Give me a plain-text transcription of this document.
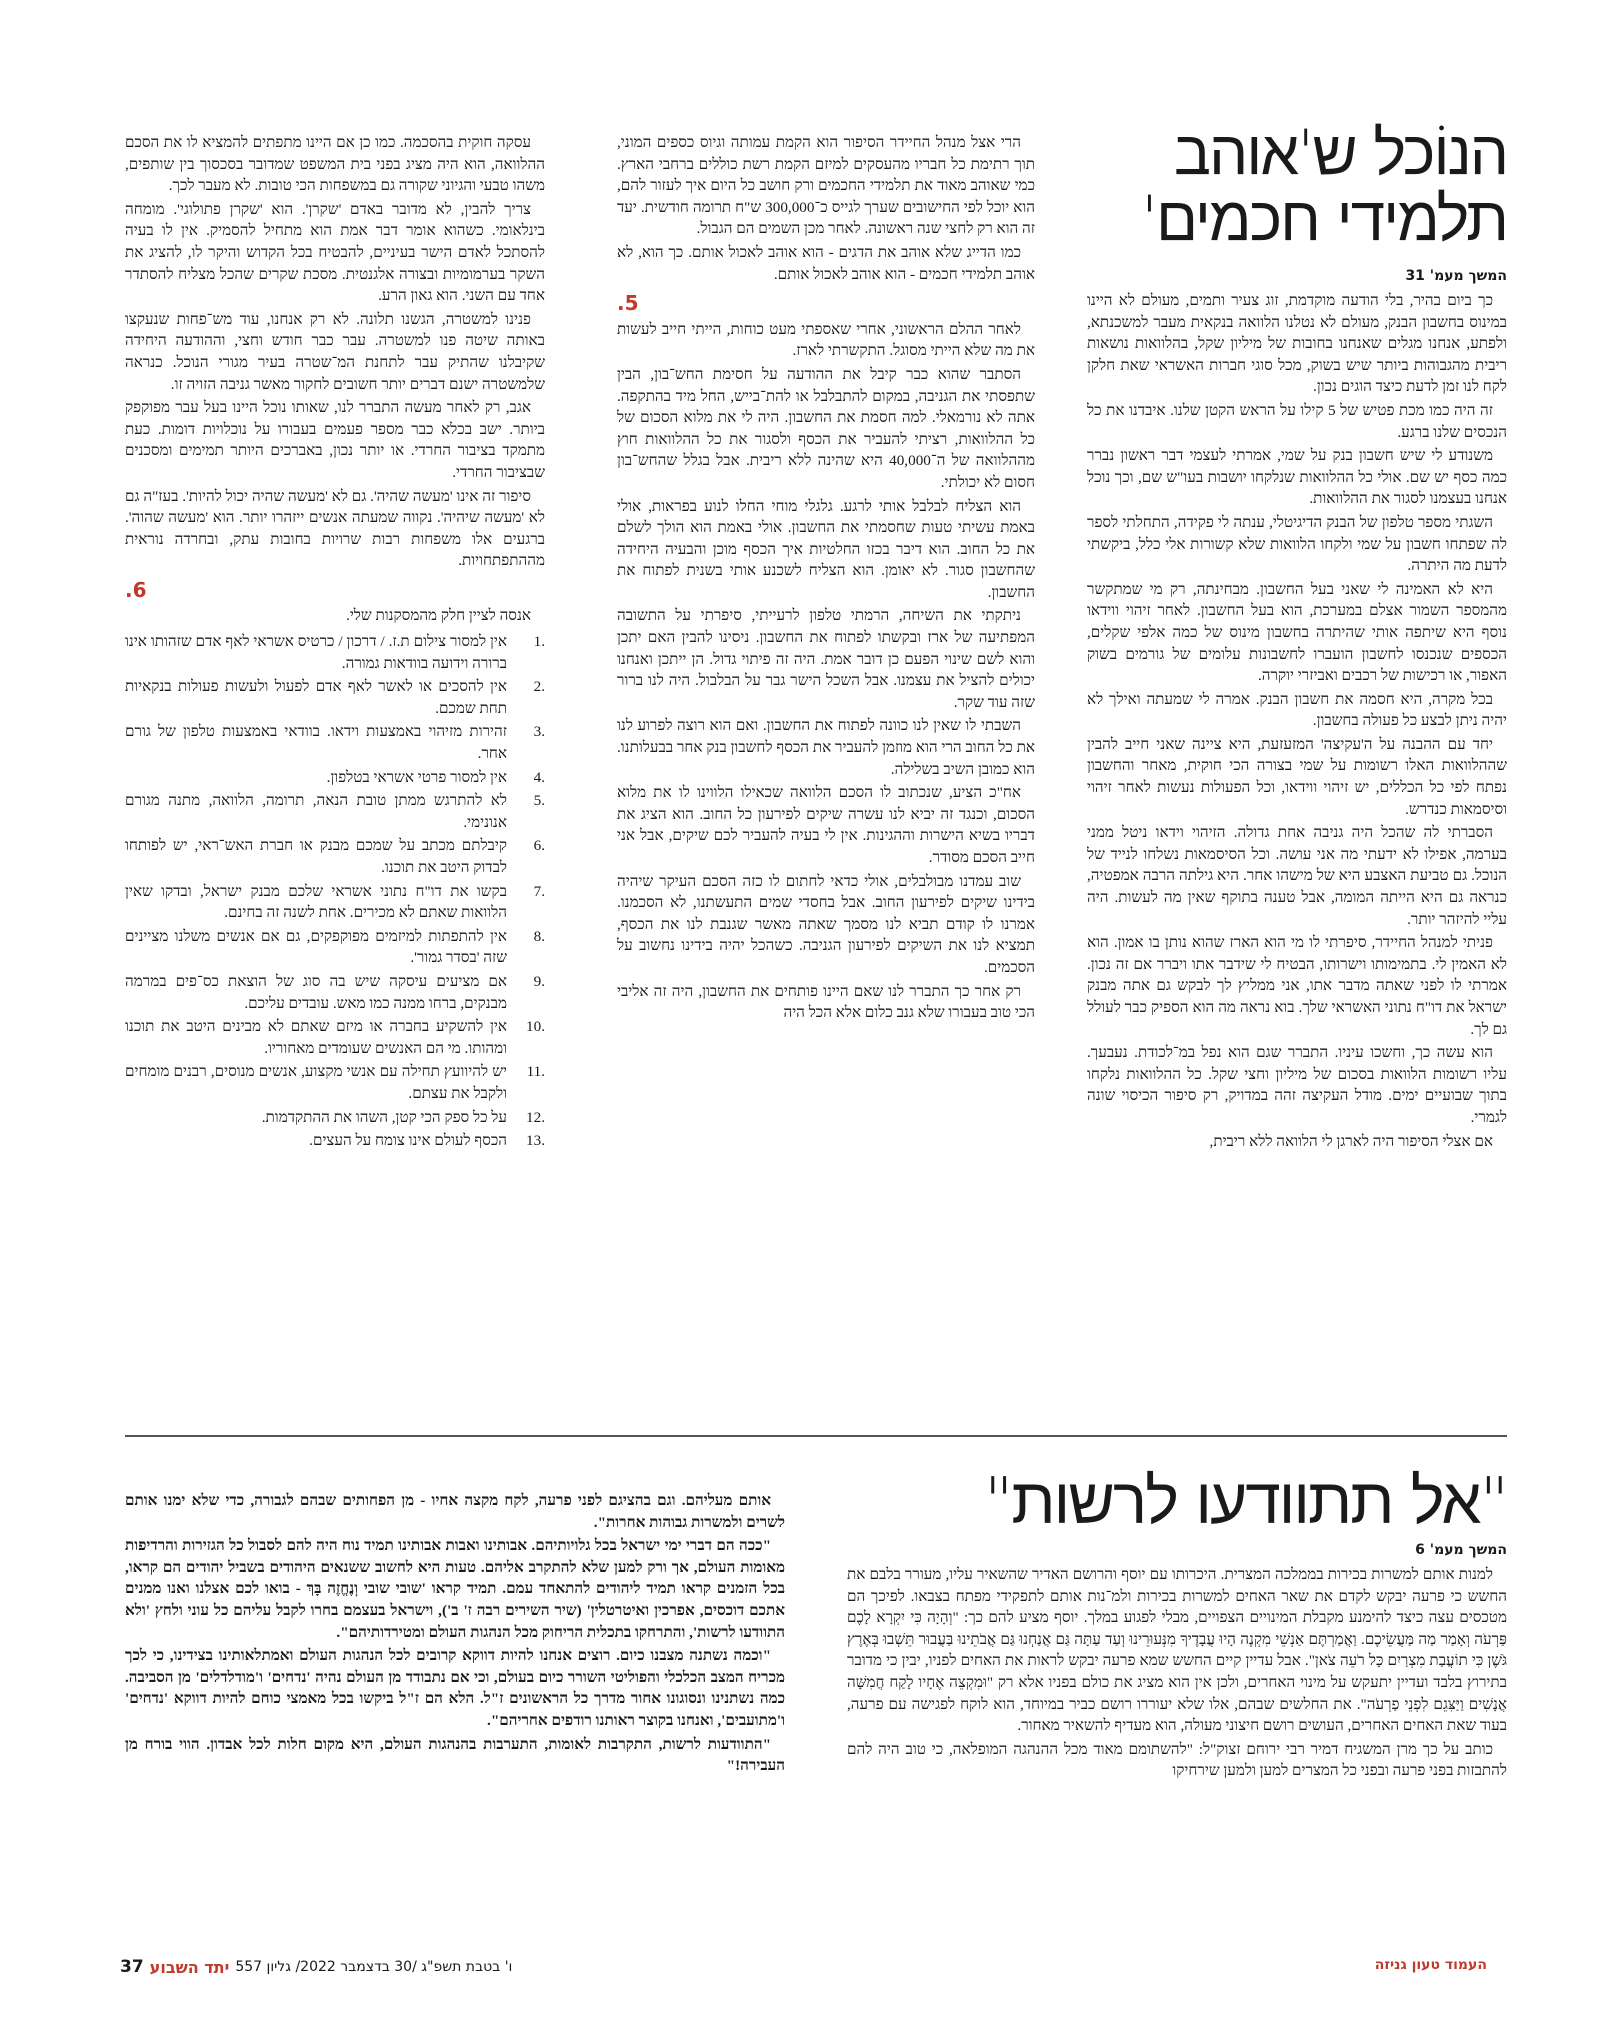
הנוֹכל ש'אוהב
תלמידי חכמים'
המשך מעמ' 31

כך ביום בהיר, בלי הודעה מוקדמת, זוג צעיר ותמים, מעולם לא היינו במינוס בחשבון הבנק, מעולם לא נטלנו הלוואה בנקאית מעבר למשכנתא, ולפתע, אנחנו מגלים שאנחנו בחובות של מיליון שקל, בהלוואות נושאות ריבית מהגבוהות ביותר שיש בשוק, מכל סוגי חברות האשראי שאת חלקן לקח לנו זמן לדעת כיצד הוגים נכון.

זה היה כמו מכת פטיש של 5 קילו על הראש הקטן שלנו. איבדנו את כל הנכסים שלנו ברגע.

משנודע לי שיש חשבון בנק על שמי, אמרתי לעצמי דבר ראשון נברר כמה כסף יש שם. אולי כל ההלוואות שנלקחו יושבות בעו"ש שם, וכך נוכל אנחנו בעצמנו לסגור את ההלוואות.

השגתי מספר טלפון של הבנק הדיגיטלי, ענתה לי פקידה, התחלתי לספר לה שפתחו חשבון על שמי ולקחו הלוואות שלא קשורות אלי כלל, ביקשתי לדעת מה היתרה.

היא לא האמינה לי שאני בעל החשבון. מבחינתה, רק מי שמתקשר מהמספר השמור אצלם במערכת, הוא בעל החשבון. לאחר זיהוי ווידאו נוסף היא שיתפה אותי שהיתרה בחשבון מינוס של כמה אלפי שקלים, הכספים שנכנסו לחשבון הועברו לחשבונות עלומים של גורמים בשוק האפור, או רכישות של רכבים ואביזרי יוקרה.

בכל מקרה, היא חסמה את חשבון הבנק. אמרה לי שמעתה ואילך לא יהיה ניתן לבצע כל פעולה בחשבון.

יחד עם ההבנה על ה'עקיצה' המזעזעת, היא ציינה שאני חייב להבין שההלוואות האלו רשומות על שמי בצורה הכי חוקית, מאחר והחשבון נפתח לפי כל הכללים, יש זיהוי ווידאו, וכל הפעולות נעשות לאחר זיהוי וסיסמאות כנדרש.

הסברתי לה שהכל היה גניבה אחת גדולה. הזיהוי וידאו ניטל ממני בערמה, אפילו לא ידעתי מה אני עושה. וכל הסיסמאות נשלחו לנייד של הנוכל. גם טביעת האצבע היא של מישהו אחר. היא גילתה הרבה אמפטיה, כנראה גם היא הייתה המומה, אבל טענה בתוקף שאין מה לעשות. היה עליי להיזהר יותר.

פניתי למנהל החיידר, סיפרתי לו מי הוא הארז שהוא נותן בו אמון. הוא לא האמין לי. בתמימותו וישרותו, הבטיח לי שידבר אתו ויברר אם זה נכון. אמרתי לו לפני שאתה מדבר אתו, אני ממליץ לך לבקש גם אתה מבנק ישראל את דו"ח נתוני האשראי שלך. בוא נראה מה הוא הספיק כבר לעולל גם לך.

הוא עשה כך, וחשכו עיניו. התברר שגם הוא נפל במ־לכודת. נעבעך. עליו רשומות הלוואות בסכום של מיליון וחצי שקל. כל ההלוואות נלקחו בתוך שבועיים ימים. מודל העקיצה זהה במדויק, רק סיפור הכיסוי שונה לגמרי.

אם אצלי הסיפור היה לארגן לי הלוואה ללא ריבית,

הרי אצל מנהל החיידר הסיפור הוא הקמת עמותה וגיוס כספים המוני, תוך רתימת כל חבריו מהעסקים למיזם הקמת רשת כוללים ברחבי הארץ. כמי שאוהב מאוד את תלמידי החכמים ורק חושב כל היום איך לעזור להם, הוא יוכל לפי החישובים שערך לגייס כ־300,000 ש"ח תרומה חודשית. יעד זה הוא רק לחצי שנה ראשונה. לאחר מכן השמים הם הגבול.

כמו הדייג שלא אוהב את הדגים - הוא אוהב לאכול אותם. כך הוא, לא אוהב תלמידי חכמים - הוא אוהב לאכול אותם.

5.

לאחר ההלם הראשוני, אחרי שאספתי מעט כוחות, הייתי חייב לעשות את מה שלא הייתי מסוגל. התקשרתי לארז.

הסתבר שהוא כבר קיבל את ההודעה על חסימת החש־בון, הבין שתפסתי את הגניבה, במקום להתבלבל או להת־בייש, החל מיד בהתקפה. אתה לא נורמאלי. למה חסמת את החשבון. היה לי את מלוא הסכום של כל ההלוואות, רציתי להעביר את הכסף ולסגור את כל ההלוואות חוץ מההלוואה של ה־40,000 היא שהינה ללא ריבית. אבל בגלל שהחש־בון חסום לא יכולתי.

הוא הצליח לבלבל אותי לרגע. גלגלי מוחי החלו לנוע בפראות, אולי באמת עשיתי טעות שחסמתי את החשבון. אולי באמת הוא הולך לשלם את כל החוב. הוא דיבר בכזו החלטיות איך הכסף מוכן והבעיה היחידה שהחשבון סגור. לא יאומן. הוא הצליח לשכנע אותי בשנית לפתוח את החשבון.

ניתקתי את השיחה, הרמתי טלפון לרעייתי, סיפרתי על התשובה המפתיעה של ארז ובקשתו לפתוח את החשבון. ניסינו להבין האם יתכן והוא לשם שינוי הפעם כן דובר אמת. היה זה פיתוי גדול. הן ייתכן ואנחנו יכולים להציל את עצמנו. אבל השכל הישר גבר על הבלבול. היה לנו ברור שזה עוד שקר.

השבתי לו שאין לנו כוונה לפתוח את החשבון. ואם הוא רוצה לפרוע לנו את כל החוב הרי הוא מוזמן להעביר את הכסף לחשבון בנק אחר בבעלותנו. הוא כמובן השיב בשלילה.

אח"כ הציע, שנכתוב לו הסכם הלוואה שכאילו הלווינו לו את מלוא הסכום, וכנגד זה יביא לנו עשרה שיקים לפירעון כל החוב. הוא הציג את דבריו בשיא הישרות וההגינות. אין לי בעיה להעביר לכם שיקים, אבל אני חייב הסכם מסודר.

שוב עמדנו מבולבלים, אולי כדאי לחתום לו כזה הסכם העיקר שיהיה בידינו שיקים לפירעון החוב. אבל בחסדי שמים התעשתנו, לא הסכמנו. אמרנו לו קודם תביא לנו מסמך שאתה מאשר שגנבת לנו את הכסף, תמציא לנו את השיקים לפירעון הגניבה. כשהכל יהיה בידינו נחשוב על הסכמים.

רק אחר כך התברר לנו שאם היינו פותחים את החשבון, היה זה אליבי הכי טוב בעבורו שלא גנב כלום אלא הכל היה

עסקה חוקית בהסכמה. כמו כן אם היינו מתפתים להמציא לו את הסכם ההלוואה, הוא היה מציג בפני בית המשפט שמדובר בסכסוך בין שותפים, משהו טבעי והגיוני שקורה גם במשפחות הכי טובות. לא מעבר לכך.

צריך להבין, לא מדובר באדם 'שקרן'. הוא 'שקרן פתולוגי'. מומחה בינלאומי. כשהוא אומר דבר אמת הוא מתחיל להסמיק. אין לו בעיה להסתכל לאדם הישר בעיניים, להבטיח בכל הקדוש והיקר לו, להציג את השקר בערמומיות ובצורה אלגנטית. מסכת שקרים שהכל מצליח להסתדר אחד עם השני. הוא גאון הרע.

פנינו למשטרה, הגשנו תלונה. לא רק אנחנו, עוד מש־פחות שנעקצו באותה שיטה פנו למשטרה. עבר כבר חודש וחצי, וההודעה היחידה שקיבלנו שהתיק עבר לתחנת המ־שטרה בעיר מגורי הנוכל. כנראה שלמשטרה ישנם דברים יותר חשובים לחקור מאשר גניבה הזויה זו.

אגב, רק לאחר מעשה התברר לנו, שאותו נוכל היינו בעל עבר מפוקפק ביותר. ישב בכלא כבר מספר פעמים בעבורו על נוכלויות דומות. כעת מתמקד בציבור החרדי. או יותר נכון, באברכים היותר תמימים ומסכנים שבציבור החרדי.

סיפור זה אינו 'מעשה שהיה'. גם לא 'מעשה שהיה יכול להיות'. בעז"ה גם לא 'מעשה שיהיה'. נקווה שמעתה אנשים ייזהרו יותר. הוא 'מעשה שהוה'. ברגעים אלו משפחות רבות שרויות בחובות עתק, ובחרדה נוראית מההתפתחויות.

6.

אנסה לציין חלק מהמסקנות שלי.

.1
אין למסור צילום ת.ז. / דרכון / כרטיס אשראי לאף אדם שזהותו אינו ברורה וידועה בוודאות גמורה.
.2
אין להסכים או לאשר לאף אדם לפעול ולעשות פעולות בנקאיות תחת שמכם.
.3
זהירות מזיהוי באמצעות וידאו. בוודאי באמצעות טלפון של גורם אחר.
.4
אין למסור פרטי אשראי בטלפון.
.5
לא להתרגש ממתן טובת הנאה, תרומה, הלוואה, מתנה מגורם אנונימי.
.6
קיבלתם מכתב על שמכם מבנק או חברת האש־ראי, יש לפותחו לבדוק היטב את תוכנו.
.7
בקשו את דו"ח נתוני אשראי שלכם מבנק ישראל, ובדקו שאין הלוואות שאתם לא מכירים. אחת לשנה זה בחינם.
.8
אין להתפתות למיזמים מפוקפקים, גם אם אנשים משלנו מציינים שזה 'בסדר גמור'.
.9
אם מציעים עיסקה שיש בה סוג של הוצאת כס־פים במרמה מבנקים, ברחו ממנה כמו מאש. עובדים עליכם.
.10
אין להשקיע בחברה או מיזם שאתם לא מבינים היטב את תוכנו ומהותו. מי הם האנשים שעומדים מאחוריו.
.11
יש להיוועץ תחילה עם אנשי מקצוע, אנשים מנוסים, רבנים מומחים ולקבל את עצתם.
.12
על כל ספק הכי קטן, השהו את ההתקדמות.
.13
הכסף לעולם אינו צומח על העצים.
"אל תתוודעו לרשות"
המשך מעמ' 6

למנות אותם למשרות בכירות בממלכה המצרית. היכרותו עם יוסף והרושם האדיר שהשאיר עליו, מעורר בלבם את החשש כי פרעה יבקש לקדם את שאר האחים למשרות בכירות ולמ־נות אותם לתפקידי מפתח בצבאו. לפיכך הם מטכסים עצה כיצד להימנע מקבלת המינויים הצפויים, מבלי לפגוע במלך. יוסף מציע להם כך: "וְהָיָה כִּי יִקְרָא לָכֶם פַּרְעֹה וְאָמַר מַה מַּעֲשֵׂיכֶם. וַאֲמַרְתֶּם אַנְשֵׁי מִקְנֶה הָיוּ עֲבָדֶיךָ מִנְּעוּרֵינוּ וְעַד עַתָּה גַּם אֲנַחְנוּ גַּם אֲבֹתֵינוּ בַּעֲבוּר תֵּשְׁבוּ בְּאֶרֶץ גֹּשֶׁן כִּי תוֹעֲבַת מִצְרַיִם כָּל רֹעֵה צֹאן". אבל עדיין קיים החשש שמא פרעה יבקש לראות את האחים לפניו, יבין כי מדובר בתירוץ בלבד ועדיין יתעקש על מינוי האחרים, ולכן אין הוא מציג את כולם בפניו אלא רק "וּמִקְצֵה אֶחָיו לָקַח חֲמִשָּׁה אֲנָשִׁים וַיַּצִּגֵם לִפְנֵי פַרְעֹה". את החלשים שבהם, אלו שלא יעוררו רושם כביר במיוחד, הוא לוקח לפגישה עם פרעה, בעוד שאת האחים האחרים, העושים רושם חיצוני מעולה, הוא מעדיף להשאיר מאחור.

כותב על כך מרן המשגיח דמיר רבי ירוחם זצוק"ל: "להשתומם מאוד מכל ההנהגה המופלאה, כי טוב היה להם להתבזות בפני פרעה ובפני כל המצרים למען ולמען שירחיקו

אותם מעליהם. וגם בהציגם לפני פרעה, לקח מקצה אחיו - מן הפחותים שבהם לגבורה, כדי שלא ימנו אותם לשרים ולמשרות גבוהות אחרות".

"ככה הם דברי ימי ישראל בכל גלויותיהם. אבותינו ואבות אבותינו תמיד נוח היה להם לסבול כל הגזירות והרדיפות מאומות העולם, אך ורק למען שלא להתקרב אליהם. טעות היא לחשוב ששנאים היהודים בשביל יהודים הם קראו, בכל הזמנים קראו תמיד ליהודים להתאחד עמם. תמיד קראו 'שובי שובי וְנֶחֱזֶה בָּךְ - בואו לכם אצלנו ואנו ממנים אתכם דוכסים, אפרכין ואיטרטלין' (שיר השירים רבה ז' ב'), וישראל בעצמם בחרו לקבל עליהם כל עוני ולחץ 'ולא התוודעו לרשות', והתרחקו בתכלית הריחוק מכל הנהגות העולם ומטירדותיהם".

"וכמה נשתנה מצבנו כיום. רוצים אנחנו להיות דווקא קרובים לכל הנהגות העולם ואמתלאותינו בצידינו, כי לכך מכריח המצב הכלכלי והפוליטי השורר כיום בעולם, וכי אם נתבודד מן העולם נהיה 'נדחים' ו'מודלדלים' מן הסביבה. כמה נשתנינו ונסוגונו אחור מדרך כל הראשונים ז"ל. הלא הם ז"ל ביקשו בכל מאמצי כוחם להיות דווקא 'נדחים' ו'מתועבים', ואנחנו בקוצר ראותנו רודפים אחריהם".

"התוודעות לרשות, התקרבות לאומות, התערבות בהנהגות העולם, היא מקום חלות לכל אבדון. הווי בורח מן העבירה!"

ו' בטבת תשפ"ג /30 בדצמבר 2022/ גליון 557
יתד השבוע
37	העמוד טעון גניזה
